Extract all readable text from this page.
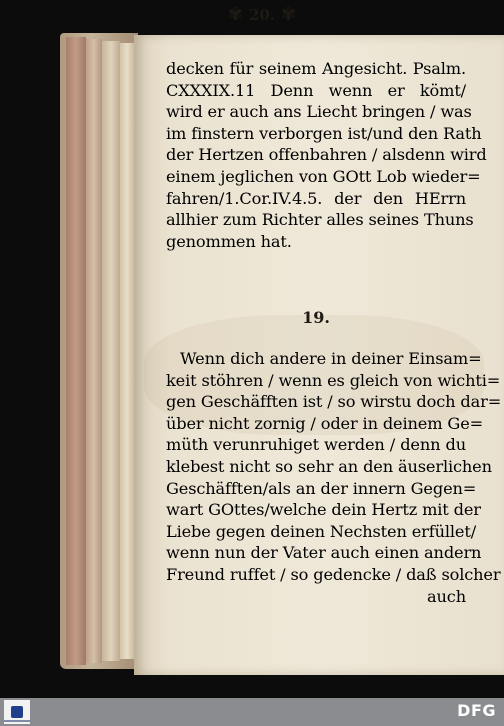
✾ 20. ✾
decken für seinem Angesicht. Psalm.
CXXXIX.11 Denn wenn er kömt/
wird er auch ans Liecht bringen / was
im finstern verborgen ist/und den Rath
der Hertzen offenbahren / alsdenn wird
einem jeglichen von GOtt Lob wieder=
fahren/1.Cor.IV.4.5. der den HErrn
allhier zum Richter alles seines Thuns
genommen hat.
19.
Wenn dich andere in deiner Einsam=
keit stöhren / wenn es gleich von wichti=
gen Geschäfften ist / so wirstu doch dar=
über nicht zornig / oder in deinem Ge=
müth verunruhiget werden / denn du
klebest nicht so sehr an den äuserlichen
Geschäfften/als an der innern Gegen=
wart GOttes/welche dein Hertz mit der
Liebe gegen deinen Nechsten erfüllet/
wenn nun der Vater auch einen andern
Freund ruffet / so gedencke / daß solcher
auch
DFG
